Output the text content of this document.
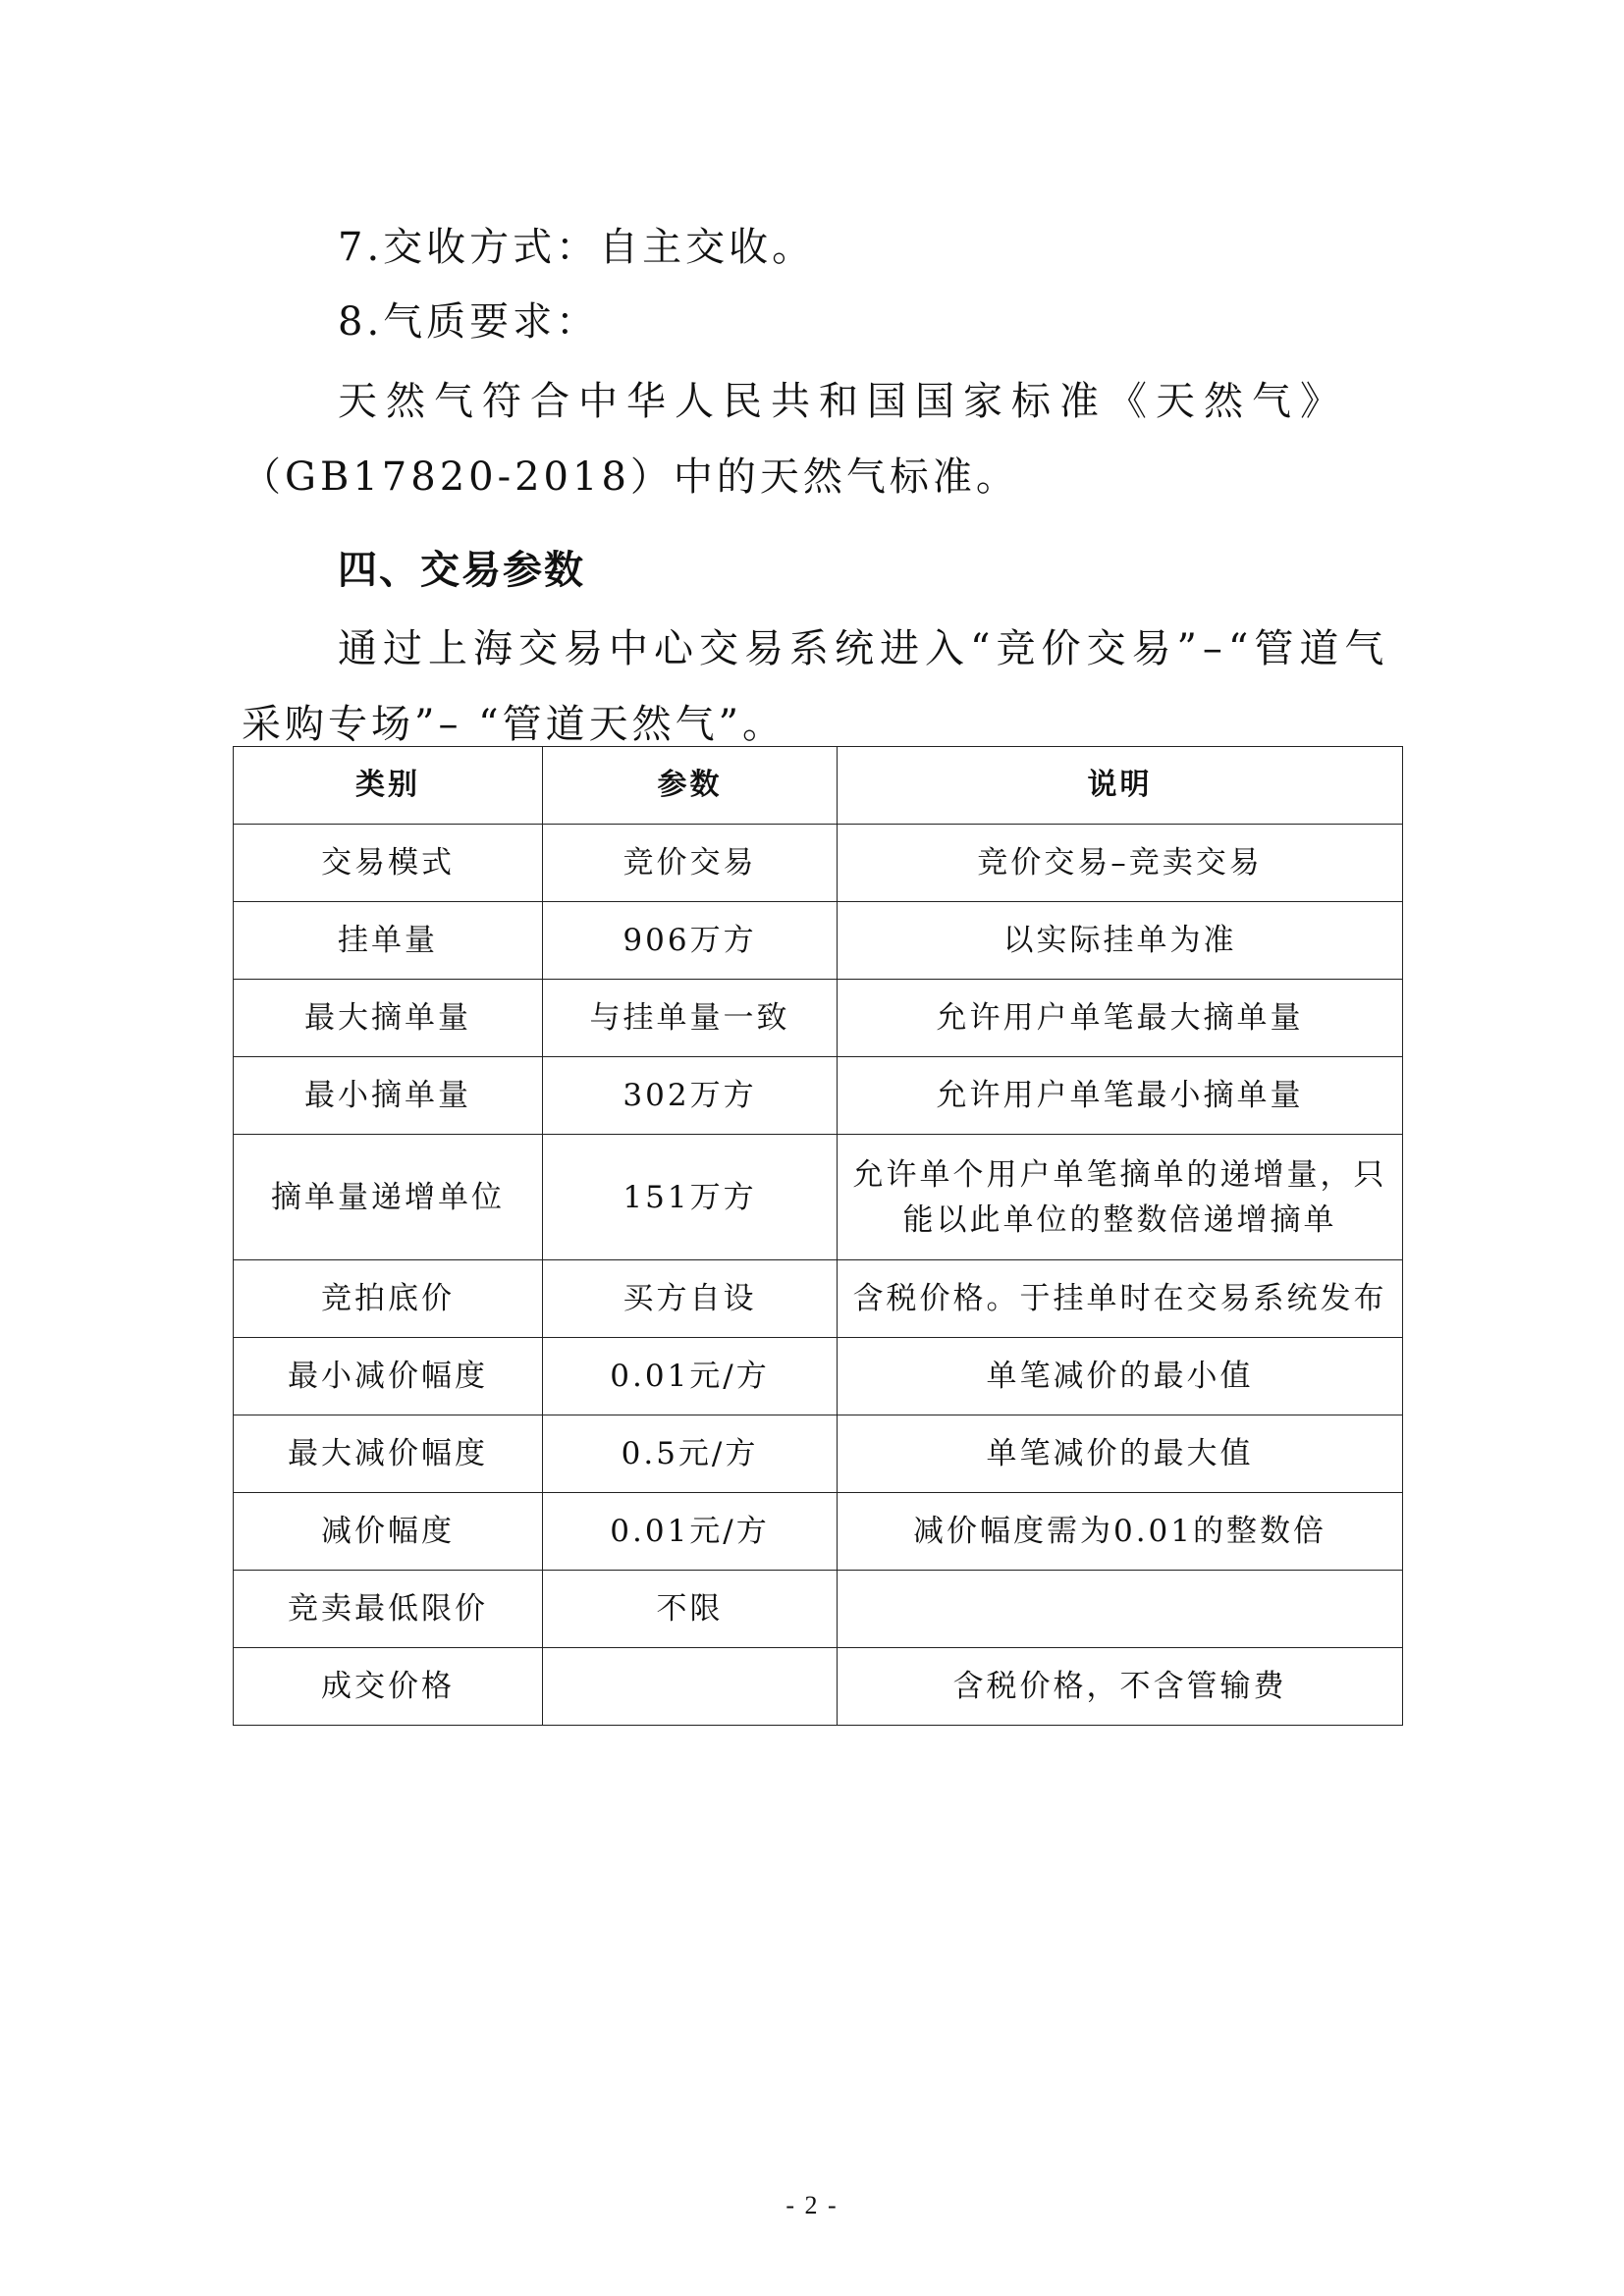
7.交收方式：自主交收。
8.气质要求：
天然气符合中华人民共和国国家标准《天然气》
（GB17820-2018）中的天然气标准。
四、交易参数
通过上海交易中心交易系统进入“竞价交易”–“管道气
采购专场”– “管道天然气”。
类别	参数	说明
交易模式	竞价交易	竞价交易–竞卖交易
挂单量	906万方	以实际挂单为准
最大摘单量	与挂单量一致	允许用户单笔最大摘单量
最小摘单量	302万方	允许用户单笔最小摘单量
摘单量递增单位	151万方	允许单个用户单笔摘单的递增量，只
能以此单位的整数倍递增摘单

竞拍底价	买方自设	含税价格。于挂单时在交易系统发布
最小减价幅度	0.01元/方	单笔减价的最小值
最大减价幅度	0.5元/方	单笔减价的最大值
减价幅度	0.01元/方	减价幅度需为0.01的整数倍
竞卖最低限价	不限	
成交价格		含税价格，不含管输费
- 2 -
